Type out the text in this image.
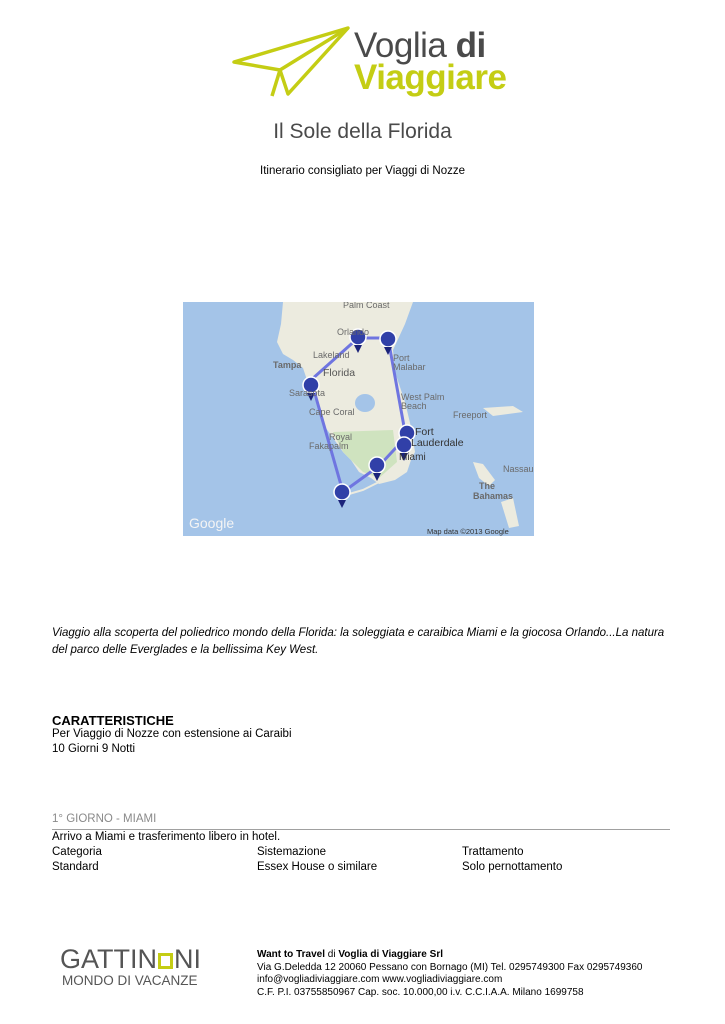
Voglia di
Viaggiare
Il Sole della Florida
Itinerario consigliato per Viaggi di Nozze
Palm Coast
Orlando
Lakeland
Tampa
Florida
Port
Malabar
Sarasota	West Palm
Beach
Cape Coral	Freeport
Fort
Lauderdale
Royal
Fakapalm
Miami
Nassau
The
Bahamas
Google
Map data ©2013 Google
Viaggio alla scoperta del poliedrico mondo della Florida: la soleggiata e caraibica Miami e la giocosa Orlando...La natura del parco delle Everglades e la bellissima Key West.
CARATTERISTICHE
Per Viaggio di Nozze con estensione ai Caraibi
10 Giorni 9 Notti
1° GIORNO - MIAMI
Arrivo a Miami e trasferimento libero in hotel.
Categoria	Sistemazione	Trattamento
Standard	Essex House o similare	Solo pernottamento
GATTIN NI
MONDO DI VACANZE
Want to Travel di Voglia di Viaggiare Srl
Via G.Deledda 12 20060 Pessano con Bornago (MI) Tel. 0295749300 Fax 0295749360
info@vogliadiviaggiare.com www.vogliadiviaggiare.com
C.F. P.I. 03755850967 Cap. soc. 10.000,00 i.v. C.C.I.A.A. Milano 1699758
